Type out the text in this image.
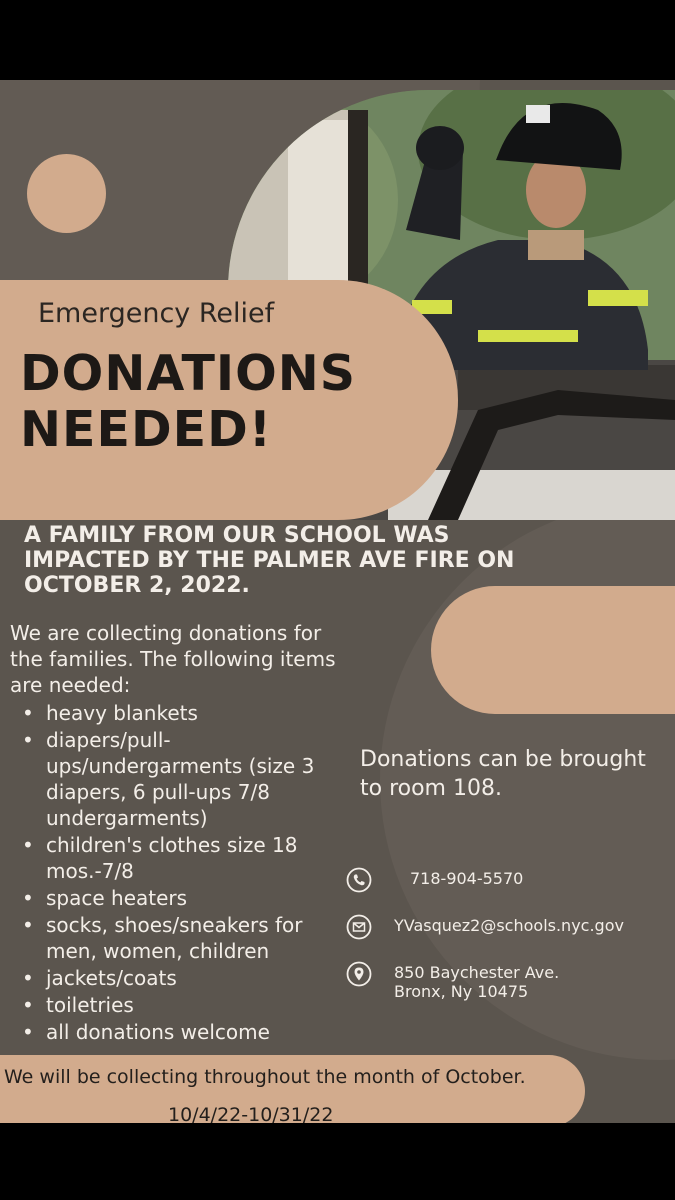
Emergency Relief
DONATIONS
NEEDED!
A FAMILY FROM OUR SCHOOL WAS
IMPACTED BY THE PALMER AVE FIRE ON
OCTOBER 2, 2022.
We are collecting donations for the families. The following items are needed:
• heavy blankets
• diapers/pull-ups/undergarments (size 3 diapers, 6 pull-ups 7/8 undergarments)
• children's clothes size 18 mos.-7/8
• space heaters
• socks, shoes/sneakers for men, women, children
• jackets/coats
• toiletries
• all donations welcome
Donations can be brought to room 108.
718-904-5570
YVasquez2@schools.nyc.gov
850 Baychester Ave.
Bronx, Ny 10475
We will be collecting throughout the month of October.
10/4/22-10/31/22
